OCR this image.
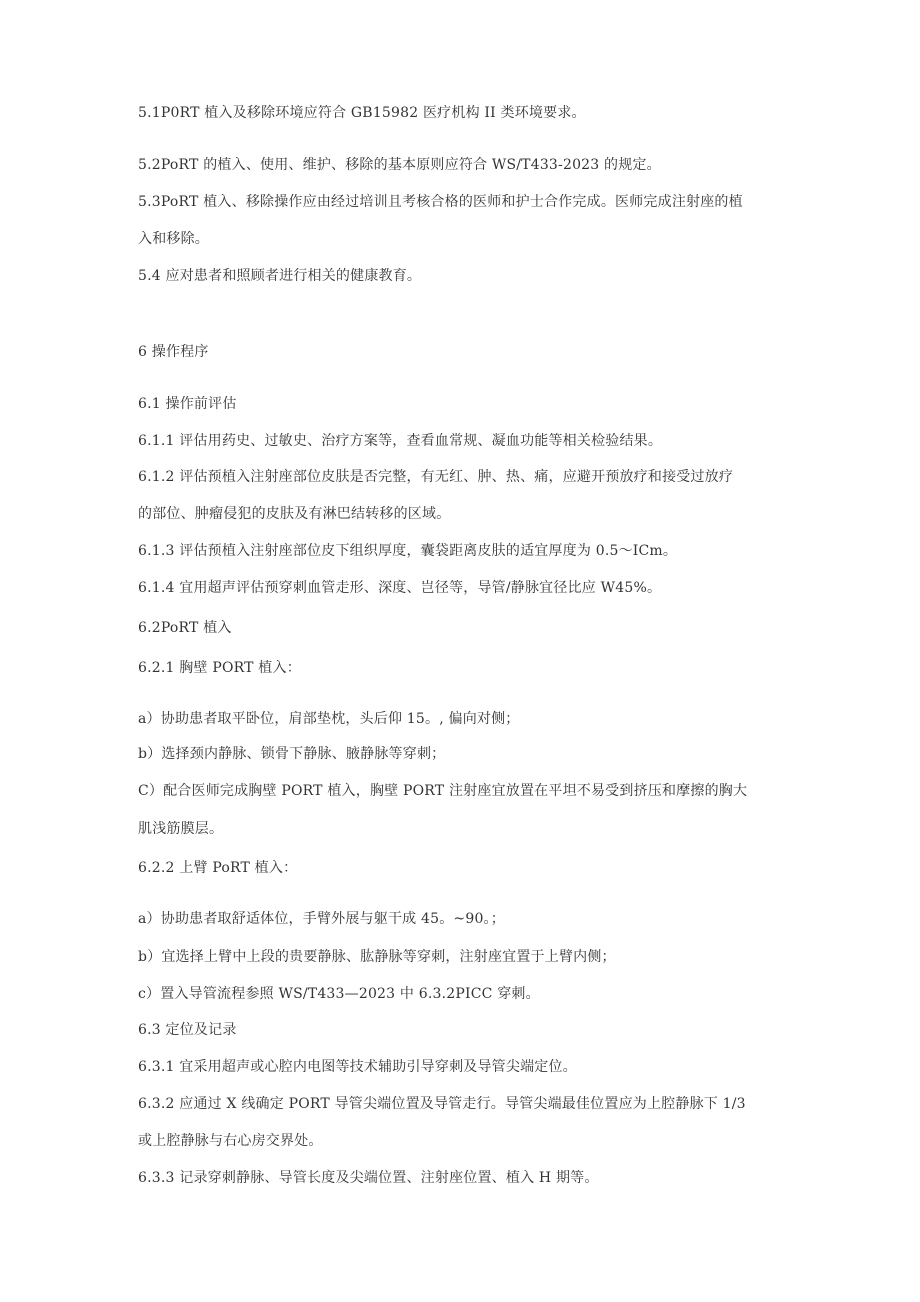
5.1P0RT 植入及移除环境应符合 GB15982 医疗机构 II 类环境要求。
5.2PoRT 的植入、使用、维护、移除的基本原则应符合 WS/T433-2023 的规定。
5.3PoRT 植入、移除操作应由经过培训且考核合格的医师和护士合作完成。医师完成注射座的植
入和移除。
5.4 应对患者和照顾者进行相关的健康教育。
6 操作程序
6.1 操作前评估
6.1.1 评估用药史、过敏史、治疗方案等，查看血常规、凝血功能等相关检验结果。
6.1.2 评估预植入注射座部位皮肤是否完整，有无红、肿、热、痛，应避开预放疗和接受过放疗
的部位、肿瘤侵犯的皮肤及有淋巴结转移的区域。
6.1.3 评估预植入注射座部位皮下组织厚度，囊袋距离皮肤的适宜厚度为 0.5～ICm。
6.1.4 宜用超声评估预穿刺血管走形、深度、岂径等，导管/静脉宜径比应 W45%。
6.2PoRT 植入
6.2.1 胸壁 PORT 植入：
a）协助患者取平卧位，肩部垫枕，头后仰 15。, 偏向对侧；
b）选择颈内静脉、锁骨下静脉、腋静脉等穿刺；
C）配合医师完成胸壁 PORT 植入，胸壁 PORT 注射座宜放置在平坦不易受到挤压和摩擦的胸大
肌浅筋膜层。
6.2.2 上臂 PoRT 植入：
a）协助患者取舒适体位，手臂外展与躯干成 45。~90。；
b）宜选择上臂中上段的贵要静脉、肱静脉等穿刺，注射座宜置于上臂内侧；
c）置入导管流程参照 WS/T433—2023 中 6.3.2PICC 穿刺。
6.3 定位及记录
6.3.1 宜采用超声或心腔内电图等技术辅助引导穿刺及导管尖端定位。
6.3.2 应通过 X 线确定 PORT 导管尖端位置及导管走行。导管尖端最佳位置应为上腔静脉下 1/3
或上腔静脉与右心房交界处。
6.3.3 记录穿刺静脉、导管长度及尖端位置、注射座位置、植入 H 期等。
